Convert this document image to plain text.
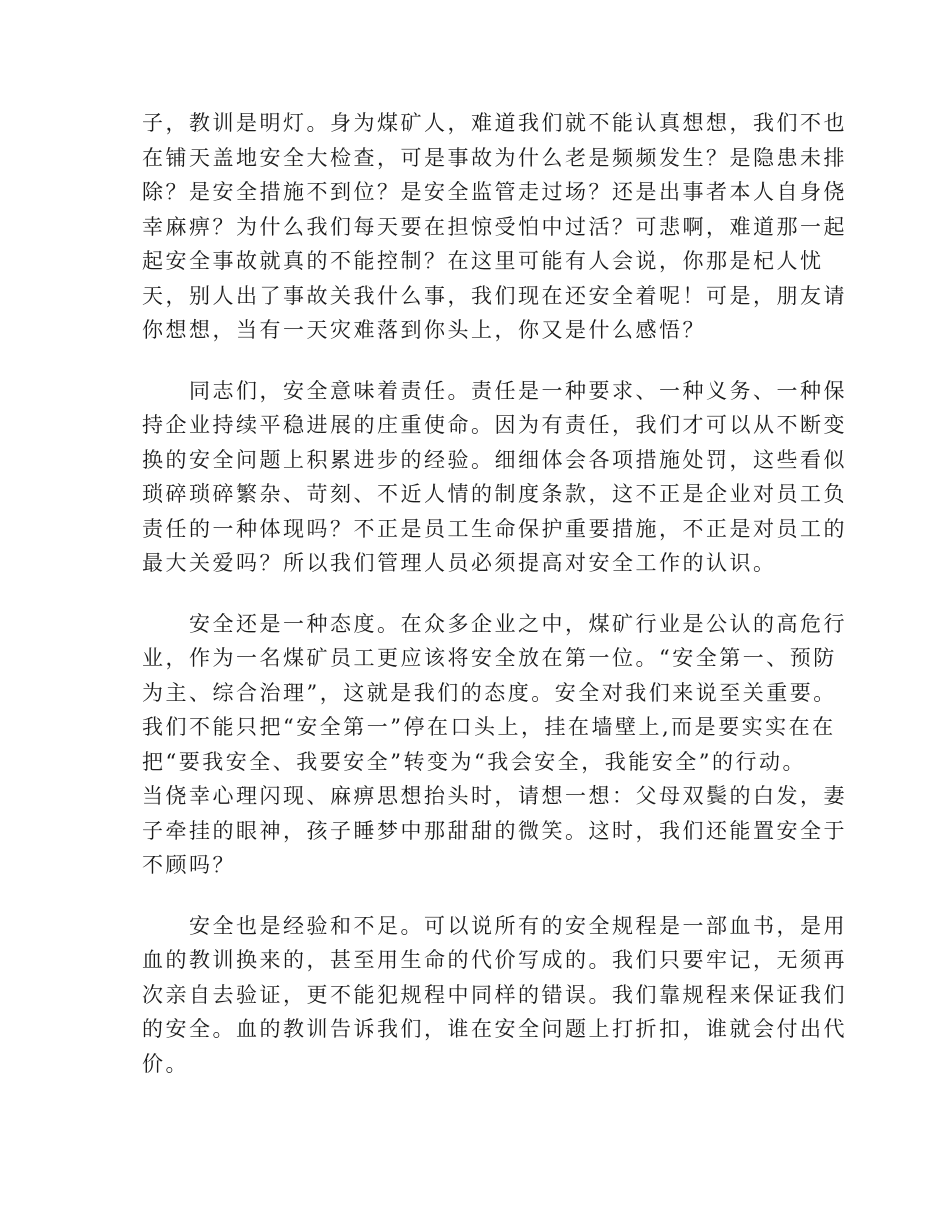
子，教训是明灯。身为煤矿人，难道我们就不能认真想想，我们不也
在铺天盖地安全大检查，可是事故为什么老是频频发生？是隐患未排
除？是安全措施不到位？是安全监管走过场？还是出事者本人自身侥
幸麻痹？为什么我们每天要在担惊受怕中过活？可悲啊，难道那一起
起安全事故就真的不能控制？在这里可能有人会说，你那是杞人忧
天，别人出了事故关我什么事，我们现在还安全着呢！可是，朋友请
你想想，当有一天灾难落到你头上，你又是什么感悟？

　　同志们，安全意味着责任。责任是一种要求、一种义务、一种保
持企业持续平稳进展的庄重使命。因为有责任，我们才可以从不断变
换的安全问题上积累进步的经验。细细体会各项措施处罚，这些看似
琐碎琐碎繁杂、苛刻、不近人情的制度条款，这不正是企业对员工负
责任的一种体现吗？不正是员工生命保护重要措施，不正是对员工的
最大关爱吗？所以我们管理人员必须提高对安全工作的认识。

　　安全还是一种态度。在众多企业之中，煤矿行业是公认的高危行
业，作为一名煤矿员工更应该将安全放在第一位。“安全第一、预防
为主、综合治理”，这就是我们的态度。安全对我们来说至关重要。
我们不能只把“安全第一”停在口头上，挂在墙壁上,而是要实实在在
把“要我安全、我要安全”转变为“我会安全，我能安全”的行动。
当侥幸心理闪现、麻痹思想抬头时，请想一想：父母双鬓的白发，妻
子牵挂的眼神，孩子睡梦中那甜甜的微笑。这时，我们还能置安全于
不顾吗？

　　安全也是经验和不足。可以说所有的安全规程是一部血书，是用
血的教训换来的，甚至用生命的代价写成的。我们只要牢记，无须再
次亲自去验证，更不能犯规程中同样的错误。我们靠规程来保证我们
的安全。血的教训告诉我们，谁在安全问题上打折扣，谁就会付出代
价。
